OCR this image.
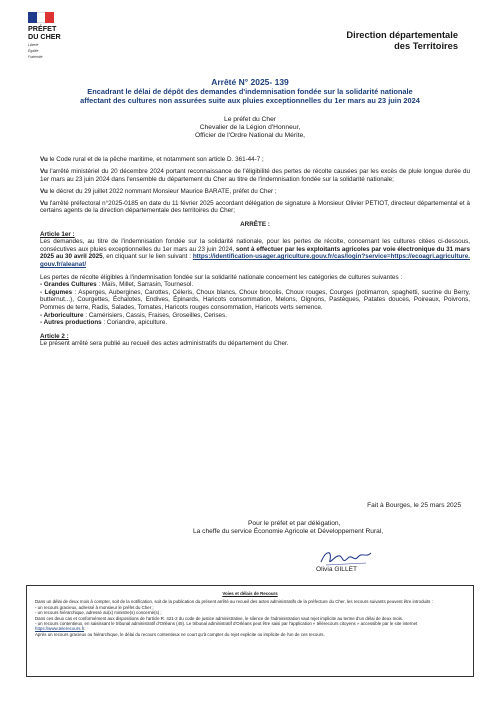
PRÉFET
DU CHER
Liberté
Égalité
Fraternité
Direction départementale
des Territoires
Arrêté N° 2025- 139
Encadrant le délai de dépôt des demandes d'indemnisation fondée sur la solidarité nationale
affectant des cultures non assurées suite aux pluies exceptionnelles du 1er mars au 23 juin 2024
Le préfet du Cher
Chevalier de la Légion d'Honneur,
Officier de l'Ordre National du Mérite,

Vu le Code rural et de la pêche maritime, et notamment son article D. 361-44-7 ;

Vu l'arrêté ministériel du 20 décembre 2024 portant reconnaissance de l'éligibilité des pertes de récolte causées par les excès de pluie longue durée du 1er mars au 23 juin 2024 dans l'ensemble du département du Cher au titre de l'indemnisation fondée sur la solidarité nationale;

Vu le décret du 29 juillet 2022 nommant Monsieur Maurice BARATE, préfet du Cher ;

Vu l'arrêté préfectoral n°2025-0185 en date du 11 février 2025 accordant délégation de signature à Monsieur Olivier PETIOT, directeur départemental et à certains agents de la direction départementale des territoires du Cher;

ARRÊTE :
Article 1er :

Les demandes, au titre de l'indemnisation fondée sur la solidarité nationale, pour les pertes de récolte, concernant les cultures citées ci-dessous, consécutives aux pluies exceptionnelles du 1er mars au 23 juin 2024, sont à effectuer par les exploitants agricoles par voie électronique du 31 mars 2025 au 30 avril 2025, en cliquant sur le lien suivant : https://identification-usager.agriculture.gouv.fr/cas/login?service=https://ecoagri.agriculture.gouv.fr/aleanat/

Les pertes de récolte éligibles à l'indemnisation fondée sur la solidarité nationale concernent les catégories de cultures suivantes :

- Grandes Cultures : Maïs, Millet, Sarrasin, Tournesol.
- Légumes : Asperges, Aubergines, Carottes, Céleris, Choux blancs, Choux brocolis, Choux rouges, Courges (potimarron, spaghetti, sucrine du Berry, butternut...), Courgettes, Échalotes, Endives, Épinards, Haricots consommation, Melons, Oignons, Pastèques, Patates douces, Poireaux, Poivrons, Pommes de terre, Radis, Salades, Tomates, Haricots rouges consommation, Haricots verts semence.
- Arboriculture : Camérisiers, Cassis, Fraises, Groseilles, Cerises.
- Autres productions : Coriandre, apiculture.
Article 2 :

Le présent arrêté sera publié au recueil des actes administratifs du département du Cher.

Fait à Bourges, le 25 mars 2025
Pour le préfet et par délégation,
La cheffe du service Économie Agricole et Développement Rural,
Olivia GILLET
Voies et délais de Recours

Dans un délai de deux mois à compter, soit de la notification, soit de la publication du présent arrêté au recueil des actes administratifs de la préfecture du Cher, les recours suivants peuvent être introduits :

- un recours gracieux, adressé à monsieur le préfet du Cher ;

- un recours hiérarchique, adressé au(x) ministre(s) concerné(s) ;

Dans ces deux cas et conformément aux dispositions de l'article R. 421-2 du code de justice administrative, le silence de l'administration vaut rejet implicite au terme d'un délai de deux mois.

- un recours contentieux, en saisissant le tribunal administratif d'Orléans (45). Le tribunal administratif d'Orléans peut être saisi par l'application « télérecours citoyens » accessible par le site internet https://www.telerecours.fr.

Après un recours gracieux ou hiérarchique, le délai du recours contentieux ne court qu'à compter du rejet explicite ou implicite de l'un de ces recours.
